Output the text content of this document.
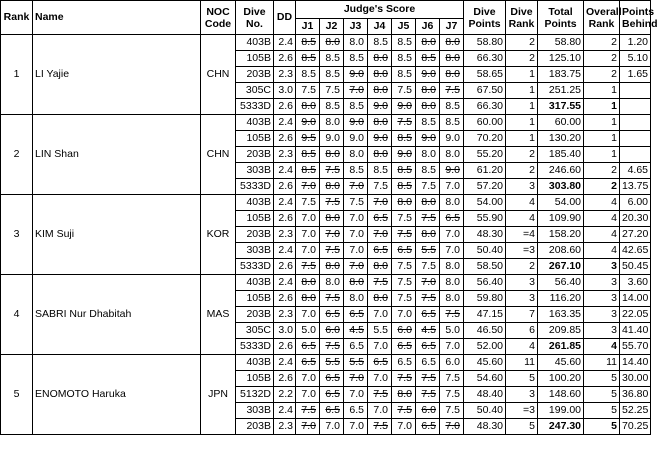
Rank	Name	NOC Code	Dive No.	DD	Judge's Score							Dive Points	Dive Rank	Total Points	Overall Rank	Points Behind
					J1	J2	J3	J4	J5	J6	J7					
1	LI Yajie	CHN	403B	2.4	8.5	8.0	8.0	8.5	8.5	8.0	8.0	58.80	2	58.80	2	1.20
			105B	2.6	8.5	8.5	8.5	8.0	8.5	8.5	8.0	66.30	2	125.10	2	5.10
			203B	2.3	8.5	8.5	9.0	8.0	8.5	9.0	8.0	58.65	1	183.75	2	1.65
			305C	3.0	7.5	7.5	7.0	8.0	7.5	8.0	7.5	67.50	1	251.25	1	
			5333D	2.6	8.0	8.5	8.5	9.0	9.0	8.0	8.5	66.30	1	317.55	1	
2	LIN Shan	CHN	403B	2.4	9.0	8.0	9.0	8.0	7.5	8.5	8.5	60.00	1	60.00	1	
			105B	2.6	9.5	9.0	9.0	9.0	8.5	9.0	9.0	70.20	1	130.20	1	
			203B	2.3	8.5	8.0	8.0	8.0	9.0	8.0	8.0	55.20	2	185.40	1	
			303B	2.4	8.5	7.5	8.5	8.5	8.5	8.5	9.0	61.20	2	246.60	2	4.65
			5333D	2.6	7.0	8.0	7.0	7.5	8.5	7.5	7.0	57.20	3	303.80	2	13.75
3	KIM Suji	KOR	403B	2.4	7.5	7.5	7.5	7.0	8.0	8.0	8.0	54.00	4	54.00	4	6.00
			105B	2.6	7.0	8.0	7.0	6.5	7.5	7.5	6.5	55.90	4	109.90	4	20.30
			203B	2.3	7.0	7.0	7.0	7.0	7.5	8.0	7.0	48.30	=4	158.20	4	27.20
			303B	2.4	7.0	7.5	7.0	6.5	6.5	5.5	7.0	50.40	=3	208.60	4	42.65
			5333D	2.6	7.5	8.0	7.0	8.0	7.5	7.5	8.0	58.50	2	267.10	3	50.45
4	SABRI Nur Dhabitah	MAS	403B	2.4	8.0	8.0	8.0	7.5	7.5	7.0	8.0	56.40	3	56.40	3	3.60
			105B	2.6	8.0	7.5	8.0	8.0	7.5	7.5	8.0	59.80	3	116.20	3	14.00
			203B	2.3	7.0	6.5	6.5	7.0	7.0	6.5	7.5	47.15	7	163.35	3	22.05
			305C	3.0	5.0	6.0	4.5	5.5	6.0	4.5	5.0	46.50	6	209.85	3	41.40
			5333D	2.6	6.5	7.5	6.5	7.0	6.5	6.5	7.0	52.00	4	261.85	4	55.70
5	ENOMOTO Haruka	JPN	403B	2.4	6.5	5.5	5.5	6.5	6.5	6.5	6.0	45.60	11	45.60	11	14.40
			105B	2.6	7.0	6.5	7.0	7.0	7.5	7.5	7.5	54.60	5	100.20	5	30.00
			5132D	2.2	7.0	6.5	7.0	7.5	8.0	7.5	7.5	48.40	3	148.60	5	36.80
			303B	2.4	7.5	6.5	6.5	7.0	7.5	6.0	7.5	50.40	=3	199.00	5	52.25
			203B	2.3	7.0	7.0	7.0	7.5	7.0	6.5	7.0	48.30	5	247.30	5	70.25
